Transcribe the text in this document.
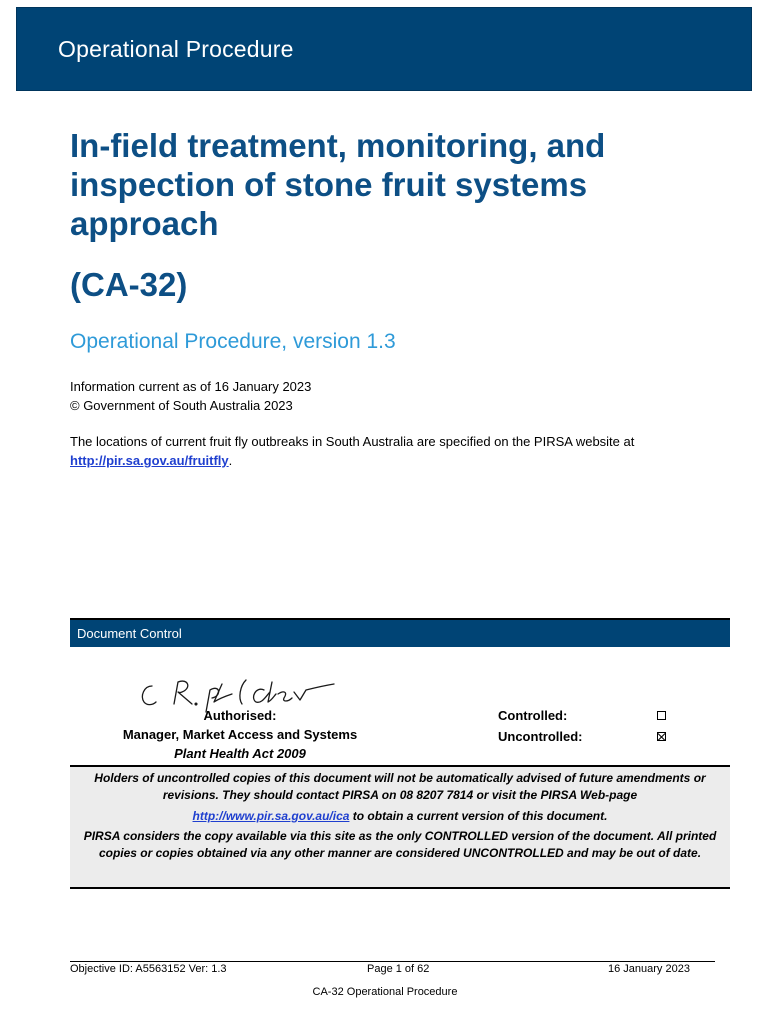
Operational Procedure
In-field treatment, monitoring, and inspection of stone fruit systems approach
(CA-32)
Operational Procedure, version 1.3
Information current as of 16 January 2023
© Government of South Australia 2023
The locations of current fruit fly outbreaks in South Australia are specified on the PIRSA website at
http://pir.sa.gov.au/fruitfly.
Document Control
Authorised:
Manager, Market Access and Systems
Plant Health Act 2009
Controlled:
Uncontrolled:

Holders of uncontrolled copies of this document will not be automatically advised of future amendments or revisions. They should contact PIRSA on 08 8207 7814 or visit the PIRSA Web-page

http://www.pir.sa.gov.au/ica to obtain a current version of this document.

PIRSA considers the copy available via this site as the only CONTROLLED version of the document. All printed copies or copies obtained via any other manner are considered UNCONTROLLED and may be out of date.

Objective ID: A5563152 Ver: 1.3	Page 1 of 62	16 January 2023
CA-32 Operational Procedure
